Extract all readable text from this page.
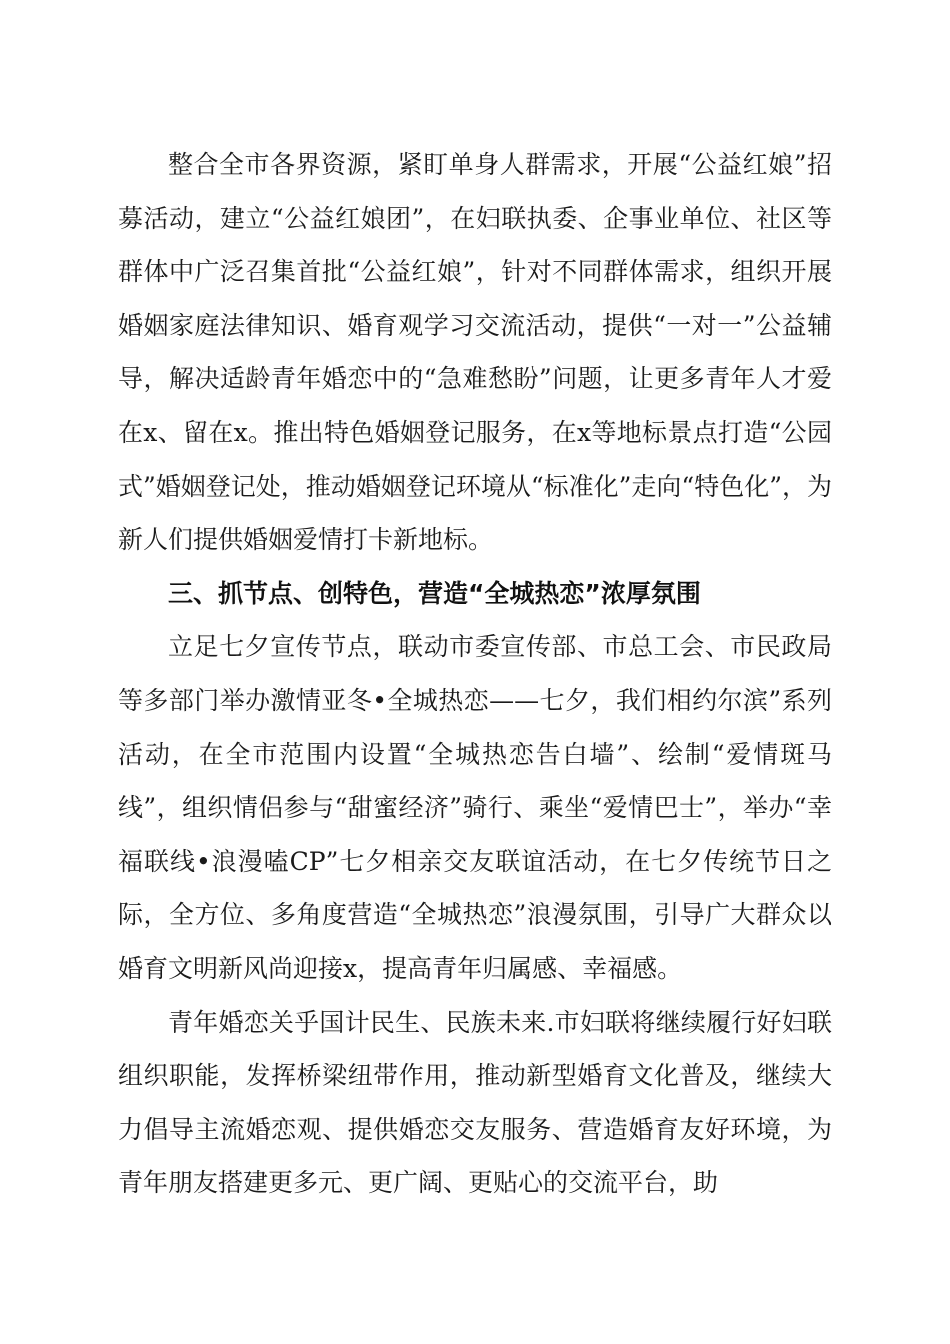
整合全市各界资源，紧盯单身人群需求，开展“公益红娘”招募活动，建立“公益红娘团”，在妇联执委、企事业单位、社区等群体中广泛召集首批“公益红娘”，针对不同群体需求，组织开展婚姻家庭法律知识、婚育观学习交流活动，提供“一对一”公益辅导，解决适龄青年婚恋中的“急难愁盼”问题，让更多青年人才爱在x、留在x。推出特色婚姻登记服务，在x等地标景点打造“公园式”婚姻登记处，推动婚姻登记环境从“标准化”走向“特色化”，为新人们提供婚姻爱情打卡新地标。

三、抓节点、创特色，营造“全城热恋”浓厚氛围

立足七夕宣传节点，联动市委宣传部、市总工会、市民政局等多部门举办激情亚冬•全城热恋——七夕，我们相约尔滨”系列活动，在全市范围内设置“全城热恋告白墙”、绘制“爱情斑马线”，组织情侣参与“甜蜜经济”骑行、乘坐“爱情巴士”，举办“幸福联线•浪漫嗑CP”七夕相亲交友联谊活动，在七夕传统节日之际，全方位、多角度营造“全城热恋”浪漫氛围，引导广大群众以婚育文明新风尚迎接x，提高青年归属感、幸福感。

青年婚恋关乎国计民生、民族未来.市妇联将继续履行好妇联组织职能，发挥桥梁纽带作用，推动新型婚育文化普及，继续大力倡导主流婚恋观、提供婚恋交友服务、营造婚育友好环境，为青年朋友搭建更多元、更广阔、更贴心的交流平台，助
